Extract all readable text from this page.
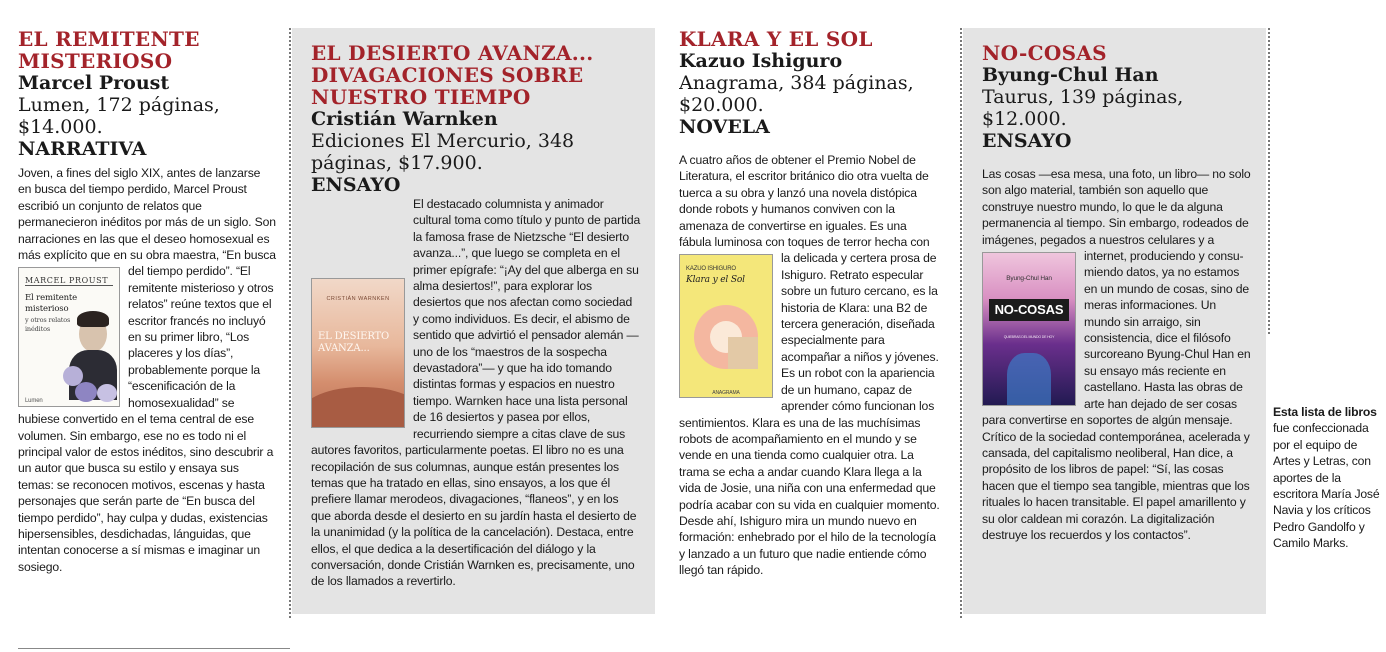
EL REMITENTE MISTERIOSO
Marcel Proust
Lumen, 172 páginas, $14.000.
NARRATIVA
Joven, a fines del siglo XIX, antes de lanzarse en busca del tiempo perdido, Marcel Proust escribió un conjunto de relatos que permanecieron inéditos por más de un siglo. Son narraciones en las que el deseo homosexual es más explícito que en su obra
MARCEL PROUST
El remitente
misterioso
y otros relatos
inéditos
Lumen
maestra, “En busca del tiempo perdido”. “El remitente misterioso y otros relatos” reúne textos que el escritor francés no incluyó en su primer libro, “Los placeres y los días”, probablemente porque la “escenificación de la homosexualidad” se hubiese convertido en el tema central de ese volumen. Sin embargo, ese no es todo ni el principal valor de estos inéditos, sino descubrir a un autor que busca su estilo y ensaya sus temas: se reconocen motivos, escenas y hasta personajes que serán parte de “En busca del tiempo perdido”, hay culpa y dudas, existencias hipersensibles, desdichadas, lánguidas, que intentan conocerse a sí mismas e imaginar un sosiego.
EL DESIERTO AVANZA... DIVAGACIONES SOBRE NUESTRO TIEMPO
Cristián Warnken
Ediciones El Mercurio, 348 páginas, $17.900.
ENSAYO
CRISTIÁN WARNKEN
EL DESIERTO
AVANZA...
El destacado columnista y animador cultural toma como título y punto de partida la famosa frase de Nietzsche “El desierto avanza...”, que luego se completa en el primer epígrafe: “¡Ay del que alberga en su alma desiertos!”, para explorar los desiertos que nos afectan como sociedad y como individuos. Es decir, el abismo de sentido que advirtió el pensador alemán —uno de los “maestros de la sospecha devastadora”— y que ha ido tomando distintas formas y espacios en nuestro tiempo. Warnken hace una lista personal de 16 desiertos y pasea por ellos, recurriendo siempre a citas clave de sus autores favoritos, particularmente poetas. El libro no es una recopilación de sus columnas, aunque están presentes los temas que ha tratado en ellas, sino ensayos, a los que él prefiere llamar merodeos, divagaciones, “flaneos”, y en los que aborda desde el desierto en su jardín hasta el desierto de la unanimidad (y la política de la cancelación). Destaca, entre ellos, el que dedica a la desertificación del diálogo y la conversación, donde Cristián Warnken es, precisamente, uno de los llamados a revertirlo.
KLARA Y EL SOL
Kazuo Ishiguro
Anagrama, 384 páginas, $20.000.
NOVELA
A cuatro años de obtener el Premio Nobel de Literatura, el escritor británico dio otra vuelta de tuerca a su obra y lanzó una novela distópica donde robots y humanos conviven con la amenaza de convertirse en iguales. Es una fábula luminosa con toques de terror hecha con la delicada y certera prosa de
KAZUO ISHIGURO
Klara y el Sol
ANAGRAMA
Ishiguro. Retrato especular sobre un futuro cercano, es la historia de Klara: una B2 de tercera generación, diseñada especialmente para acompañar a niños y jóvenes. Es un robot con la apariencia de un humano, capaz de aprender cómo funcionan los sentimientos. Klara es una de las muchísimas robots de acompañamiento en el mundo y se vende en una tienda como cualquier otra. La trama se echa a andar cuando Klara llega a la vida de Josie, una niña con una enfermedad que podría acabar con su vida en cualquier momento. Desde ahí, Ishiguro mira un mundo nuevo en formación: enhebrado por el hilo de la tecnología y lanzado a un futuro que nadie entiende cómo llegó tan rápido.
NO-COSAS
Byung-Chul Han
Taurus, 139 páginas, $12.000.
ENSAYO
Las cosas —esa mesa, una foto, un libro— no solo son algo material, también son aquello que construye nuestro mundo, lo que le da alguna permanencia al tiempo. Sin embargo, rodeados de imágenes, pegados a nuestros celulares y a internet, produciendo y consu-
Byung-Chul Han
NO-COSAS
QUIEBRAS DEL MUNDO DE HOY
miendo datos, ya no estamos en un mundo de cosas, sino de meras informaciones. Un mundo sin arraigo, sin consistencia, dice el filósofo surcoreano Byung-Chul Han en su ensayo más reciente en castellano. Hasta las obras de arte han dejado de ser cosas para convertirse en soportes de algún mensaje. Crítico de la sociedad contemporánea, acelerada y cansada, del capitalismo neoliberal, Han dice, a propósito de los libros de papel: “Sí, las cosas hacen que el tiempo sea tangible, mientras que los rituales lo hacen transitable. El papel amarillento y su olor caldean mi corazón. La digitalización destruye los recuerdos y los contactos”.
Esta lista de libros fue confeccionada por el equipo de Artes y Letras, con aportes de la escritora María José Navia y los críticos Pedro Gandolfo y Camilo Marks.
